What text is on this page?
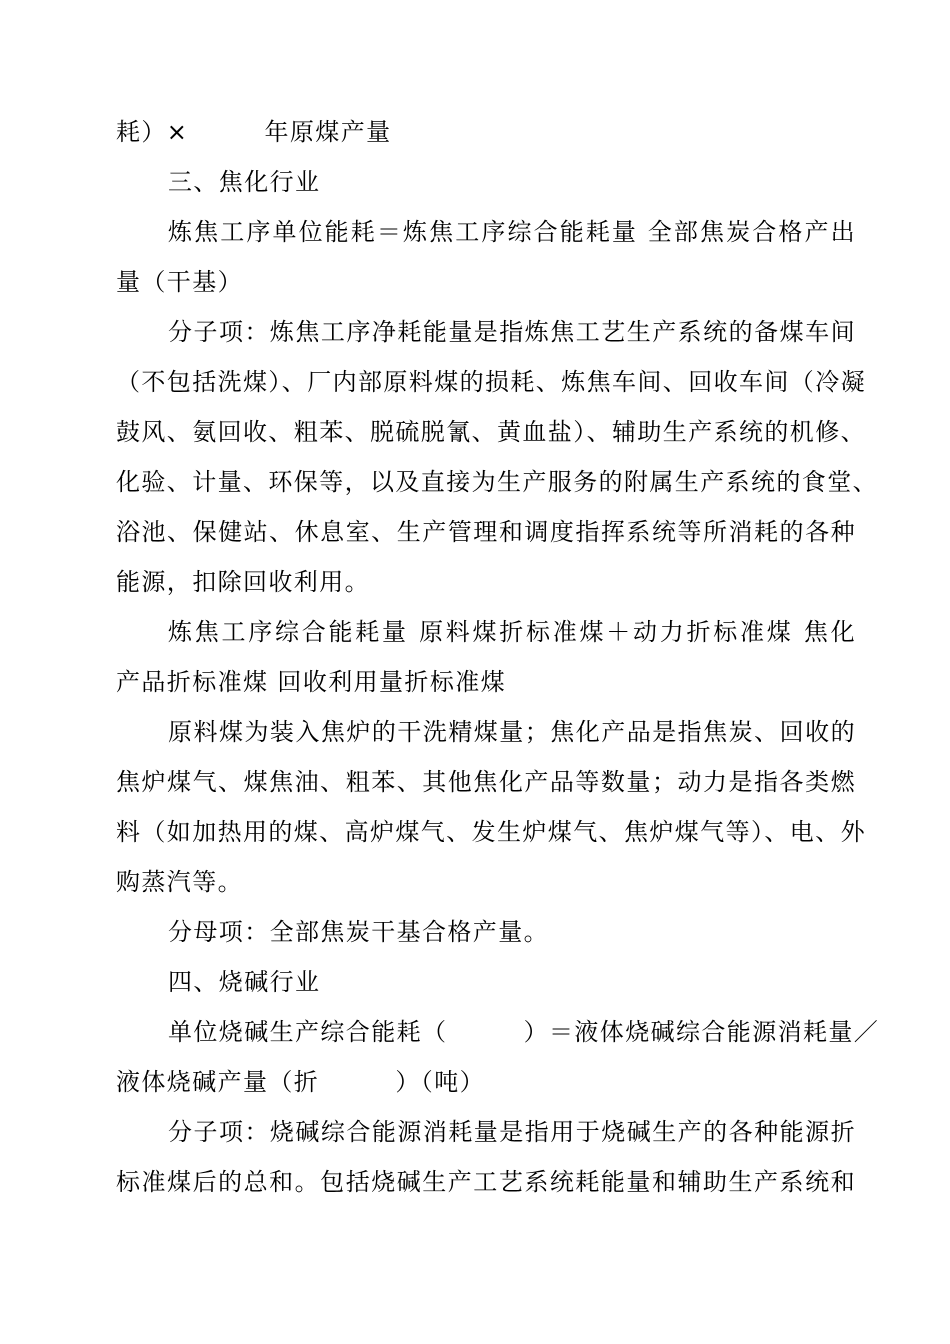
耗）×　　　年原煤产量
三、焦化行业
炼焦工序单位能耗＝炼焦工序综合能耗量 全部焦炭合格产出
量（干基）
分子项：炼焦工序净耗能量是指炼焦工艺生产系统的备煤车间
（不包括洗煤）、厂内部原料煤的损耗、炼焦车间、回收车间（冷凝
鼓风、氨回收、粗苯、脱硫脱氰、黄血盐）、辅助生产系统的机修、
化验、计量、环保等，以及直接为生产服务的附属生产系统的食堂、
浴池、保健站、休息室、生产管理和调度指挥系统等所消耗的各种
能源，扣除回收利用。
炼焦工序综合能耗量 原料煤折标准煤＋动力折标准煤 焦化
产品折标准煤 回收利用量折标准煤
原料煤为装入焦炉的干洗精煤量；焦化产品是指焦炭、回收的
焦炉煤气、煤焦油、粗苯、其他焦化产品等数量；动力是指各类燃
料（如加热用的煤、高炉煤气、发生炉煤气、焦炉煤气等）、电、外
购蒸汽等。
分母项：全部焦炭干基合格产量。
四、烧碱行业
单位烧碱生产综合能耗（　　　）＝液体烧碱综合能源消耗量／
液体烧碱产量（折　　　）（吨）
分子项：烧碱综合能源消耗量是指用于烧碱生产的各种能源折
标准煤后的总和。包括烧碱生产工艺系统耗能量和辅助生产系统和
